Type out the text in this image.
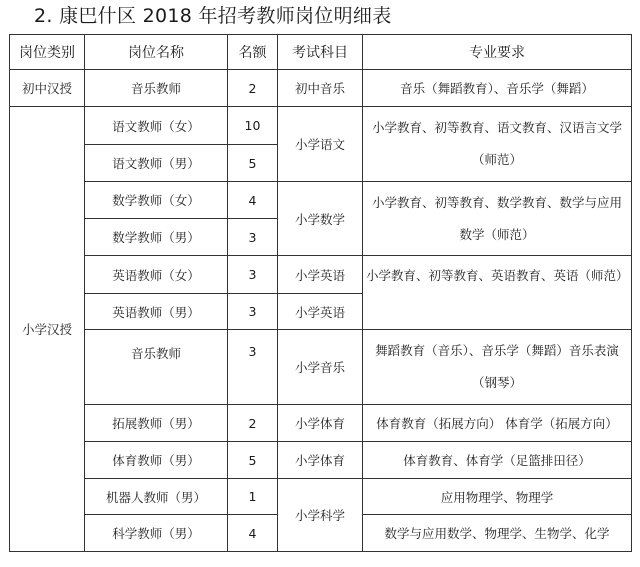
2. 康巴什区 2018 年招考教师岗位明细表
岗位类别	岗位名称	名额	考试科目	专业要求
初中汉授	音乐教师	2	初中音乐	音乐（舞蹈教育）、音乐学（舞蹈）
小学汉授	语文教师（女）	10	小学语文	小学教育、初等教育、语文教育、汉语言文学（师范）
	语文教师（男）	5		
	数学教师（女）	4	小学数学	小学教育、初等教育、数学教育、数学与应用数学（师范）
	数学教师（男）	3		
	英语教师（女）	3	小学英语	小学教育、初等教育、英语教育、英语（师范）
	英语教师（男）	3	小学英语	
	音乐教师	3	小学音乐	舞蹈教育（音乐）、音乐学（舞蹈）音乐表演（钢琴）
	拓展教师（男）	2	小学体育	体育教育（拓展方向） 体育学（拓展方向）
	体育教师（男）	5	小学体育	体育教育、体育学（足篮排田径）
	机器人教师（男）	1	小学科学	应用物理学、物理学
	科学教师（男）	4		数学与应用数学、物理学、生物学、化学
